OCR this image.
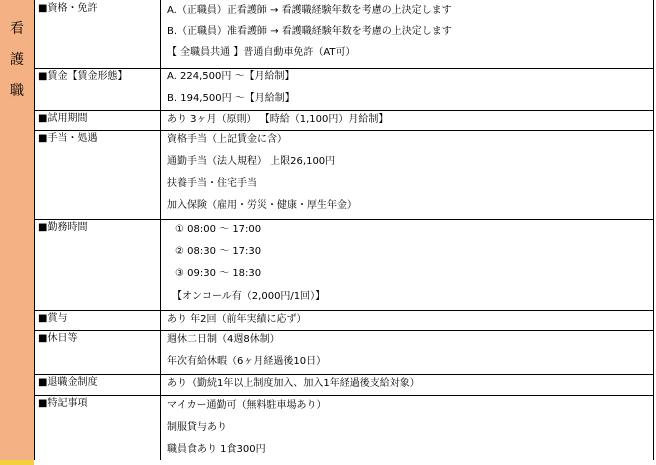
看
護
職
■資格・免許	A.（正職員）正看護師 → 看護職経験年数を考慮の上決定します
B.（正職員）准看護師 → 看護職経験年数を考慮の上決定します
【 全職員共通 】普通自動車免許（AT可）
■賃金【賃金形態】	A. 224,500円 ～【月給制】
B. 194,500円 ～【月給制】
■試用期間	あり 3ヶ月（原則） 【時給（1,100円）月給制】
■手当・処遇	資格手当（上記賃金に含）
通勤手当（法人規程） 上限26,100円
扶養手当・住宅手当
加入保険（雇用・労災・健康・厚生年金）
■勤務時間	① 08:00 ～ 17:00
② 08:30 ～ 17:30
③ 09:30 ～ 18:30
【オンコール有（2,000円/1回）】
■賞与	あり 年2回（前年実績に応ず）
■休日等	週休二日制（4週8休制）
年次有給休暇（6ヶ月経過後10日）
■退職金制度	あり（勤続1年以上制度加入、加入1年経過後支給対象）
■特記事項	マイカー通勤可（無料駐車場あり）
制服貸与あり
職員食あり 1食300円
